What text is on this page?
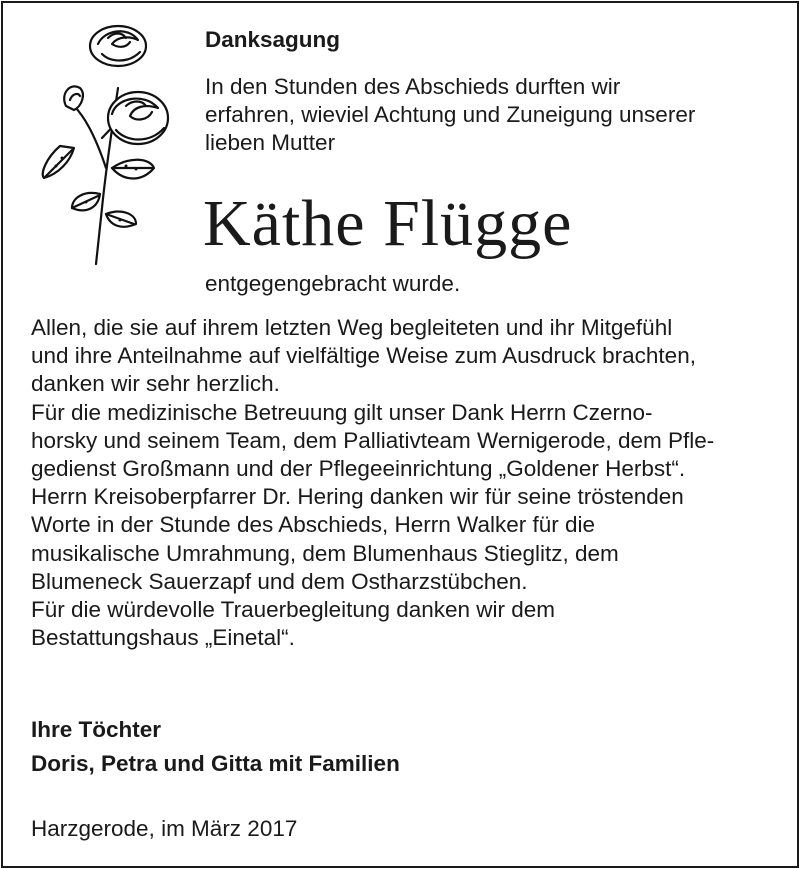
Danksagung
In den Stunden des Abschieds durften wir
erfahren, wieviel Achtung und Zuneigung unserer
lieben Mutter
Käthe Flügge
entgegengebracht wurde.
Allen, die sie auf ihrem letzten Weg begleiteten und ihr Mitgefühl
und ihre Anteilnahme auf vielfältige Weise zum Ausdruck brachten,
danken wir sehr herzlich.
Für die medizinische Betreuung gilt unser Dank Herrn Czerno-
horsky und seinem Team, dem Palliativteam Wernigerode, dem Pfle-
gedienst Großmann und der Pflegeeinrichtung „Goldener Herbst“.
Herrn Kreisoberpfarrer Dr. Hering danken wir für seine tröstenden
Worte in der Stunde des Abschieds, Herrn Walker für die
musikalische Umrahmung, dem Blumenhaus Stieglitz, dem
Blumeneck Sauerzapf und dem Ostharzstübchen.
Für die würdevolle Trauerbegleitung danken wir dem
Bestattungshaus „Einetal“.
Ihre Töchter
Doris, Petra und Gitta mit Familien
Harzgerode, im März 2017
